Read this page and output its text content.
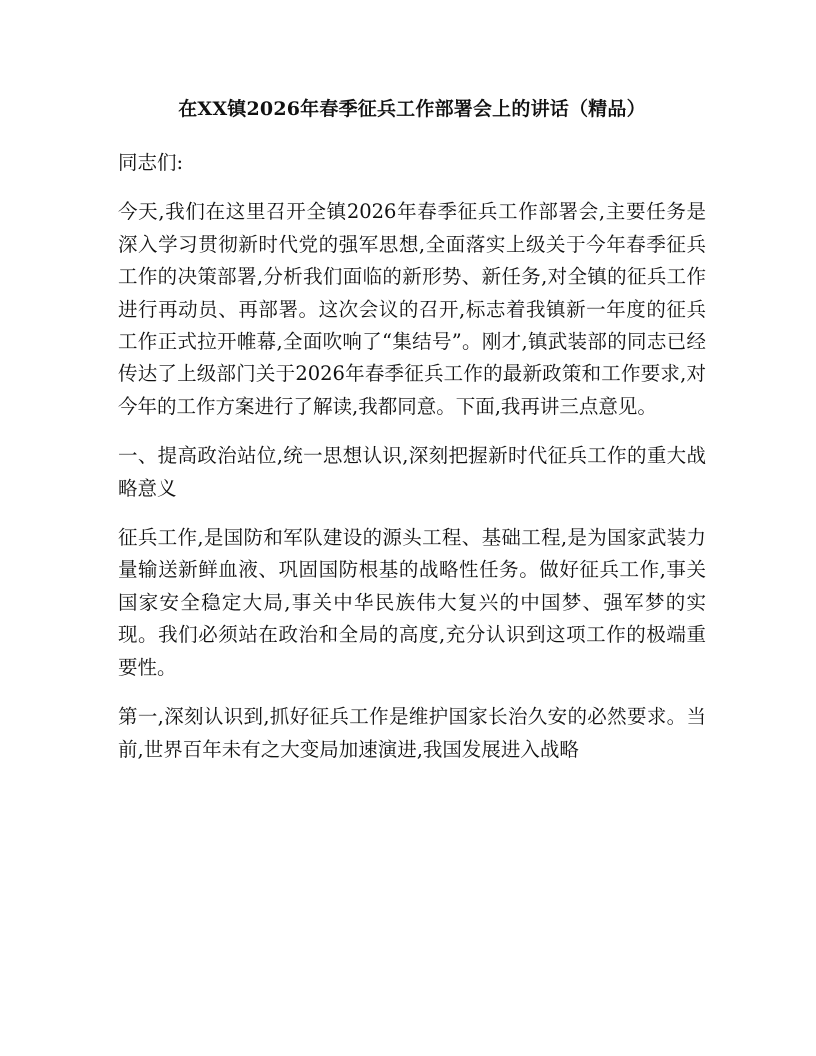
在XX镇2026年春季征兵工作部署会上的讲话（精品）

同志们:

今天,我们在这里召开全镇2026年春季征兵工作部署会,主要任务是深入学习贯彻新时代党的强军思想,全面落实上级关于今年春季征兵工作的决策部署,分析我们面临的新形势、新任务,对全镇的征兵工作进行再动员、再部署。这次会议的召开,标志着我镇新一年度的征兵工作正式拉开帷幕,全面吹响了“集结号”。刚才,镇武装部的同志已经传达了上级部门关于2026年春季征兵工作的最新政策和工作要求,对今年的工作方案进行了解读,我都同意。下面,我再讲三点意见。

一、提高政治站位,统一思想认识,深刻把握新时代征兵工作的重大战略意义

征兵工作,是国防和军队建设的源头工程、基础工程,是为国家武装力量输送新鲜血液、巩固国防根基的战略性任务。做好征兵工作,事关国家安全稳定大局,事关中华民族伟大复兴的中国梦、强军梦的实现。我们必须站在政治和全局的高度,充分认识到这项工作的极端重要性。

第一,深刻认识到,抓好征兵工作是维护国家长治久安的必然要求。当前,世界百年未有之大变局加速演进,我国发展进入战略
